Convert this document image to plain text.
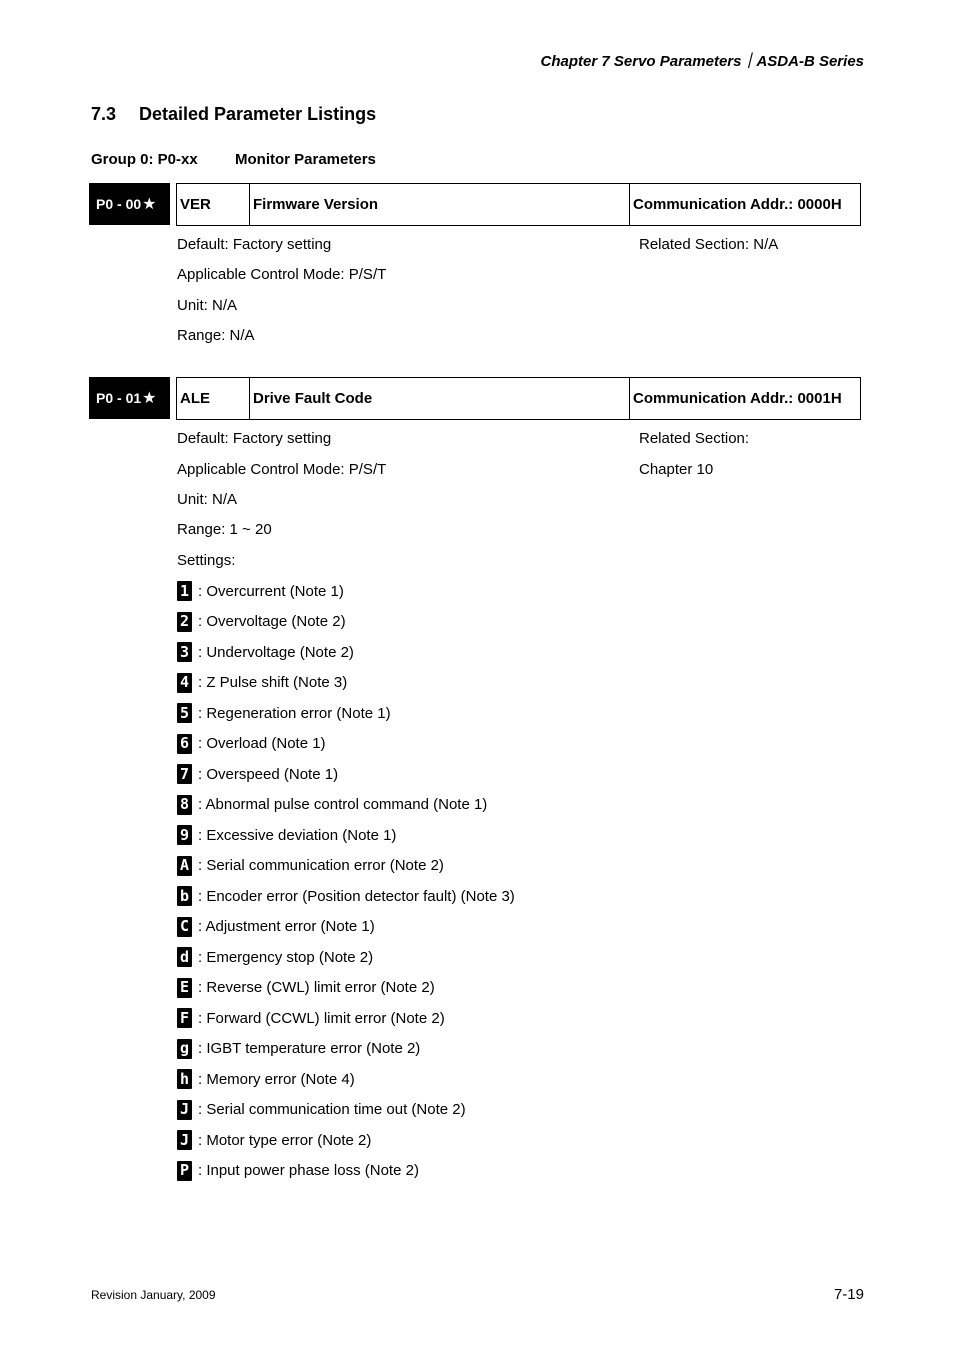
Chapter 7 Servo Parameters｜ASDA-B Series
7.3 Detailed Parameter Listings
Group 0: P0-xx Monitor Parameters
P0 - 00 ★ VER	Firmware Version	Communication Addr.: 0000H
Default: Factory setting	Related Section: N/A
Applicable Control Mode: P/S/T
Unit: N/A
Range: N/A
P0 - 01 ★ ALE	Drive Fault Code	Communication Addr.: 0001H
Default: Factory setting	Related Section:
Applicable Control Mode: P/S/T	Chapter 10
Unit: N/A
Range: 1 ~ 20
Settings:
1 : Overcurrent (Note 1)
2 : Overvoltage (Note 2)
3 : Undervoltage (Note 2)
4 : Z Pulse shift (Note 3)
5 : Regeneration error (Note 1)
6 : Overload (Note 1)
7 : Overspeed (Note 1)
8 : Abnormal pulse control command (Note 1)
9 : Excessive deviation (Note 1)
A : Serial communication error (Note 2)
b : Encoder error (Position detector fault) (Note 3)
C : Adjustment error (Note 1)
d : Emergency stop (Note 2)
E : Reverse (CWL) limit error (Note 2)
F : Forward (CCWL) limit error (Note 2)
g : IGBT temperature error (Note 2)
h : Memory error (Note 4)
J : Serial communication time out (Note 2)
J : Motor type error (Note 2)
P : Input power phase loss (Note 2)
Revision January, 2009	7-19
